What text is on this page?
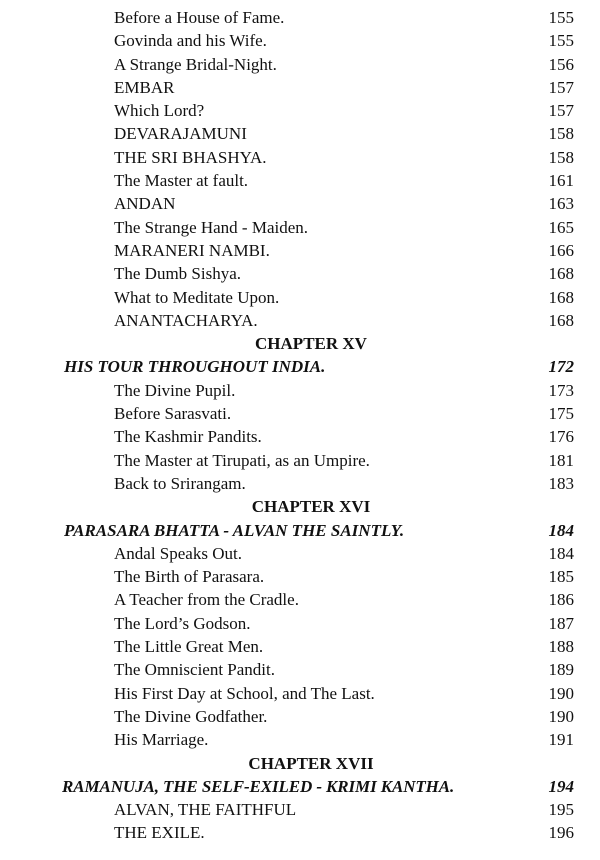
Before a House of Fame.	155
Govinda and his Wife.	155
A Strange Bridal-Night.	156
EMBAR	157
Which Lord?	157
DEVARAJAMUNI	158
THE SRI BHASHYA.	158
The Master at fault.	161
ANDAN	163
The Strange Hand - Maiden.	165
MARANERI NAMBI.	166
The Dumb Sishya.	168
What to Meditate Upon.	168
ANANTACHARYA.	168
CHAPTER XV
HIS TOUR THROUGHOUT INDIA.	172
The Divine Pupil.	173
Before Sarasvati.	175
The Kashmir Pandits.	176
The Master at Tirupati, as an Umpire.	181
Back to Srirangam.	183
CHAPTER XVI
PARASARA BHATTA - ALVAN THE SAINTLY.	184
Andal Speaks Out.	184
The Birth of Parasara.	185
A Teacher from the Cradle.	186
The Lord’s Godson.	187
The Little Great Men.	188
The Omniscient Pandit.	189
His First Day at School, and The Last.	190
The Divine Godfather.	190
His Marriage.	191
CHAPTER XVII
RAMANUJA, THE SELF-EXILED - KRIMI KANTHA.	194
ALVAN, THE FAITHFUL	195
THE EXILE.	196
